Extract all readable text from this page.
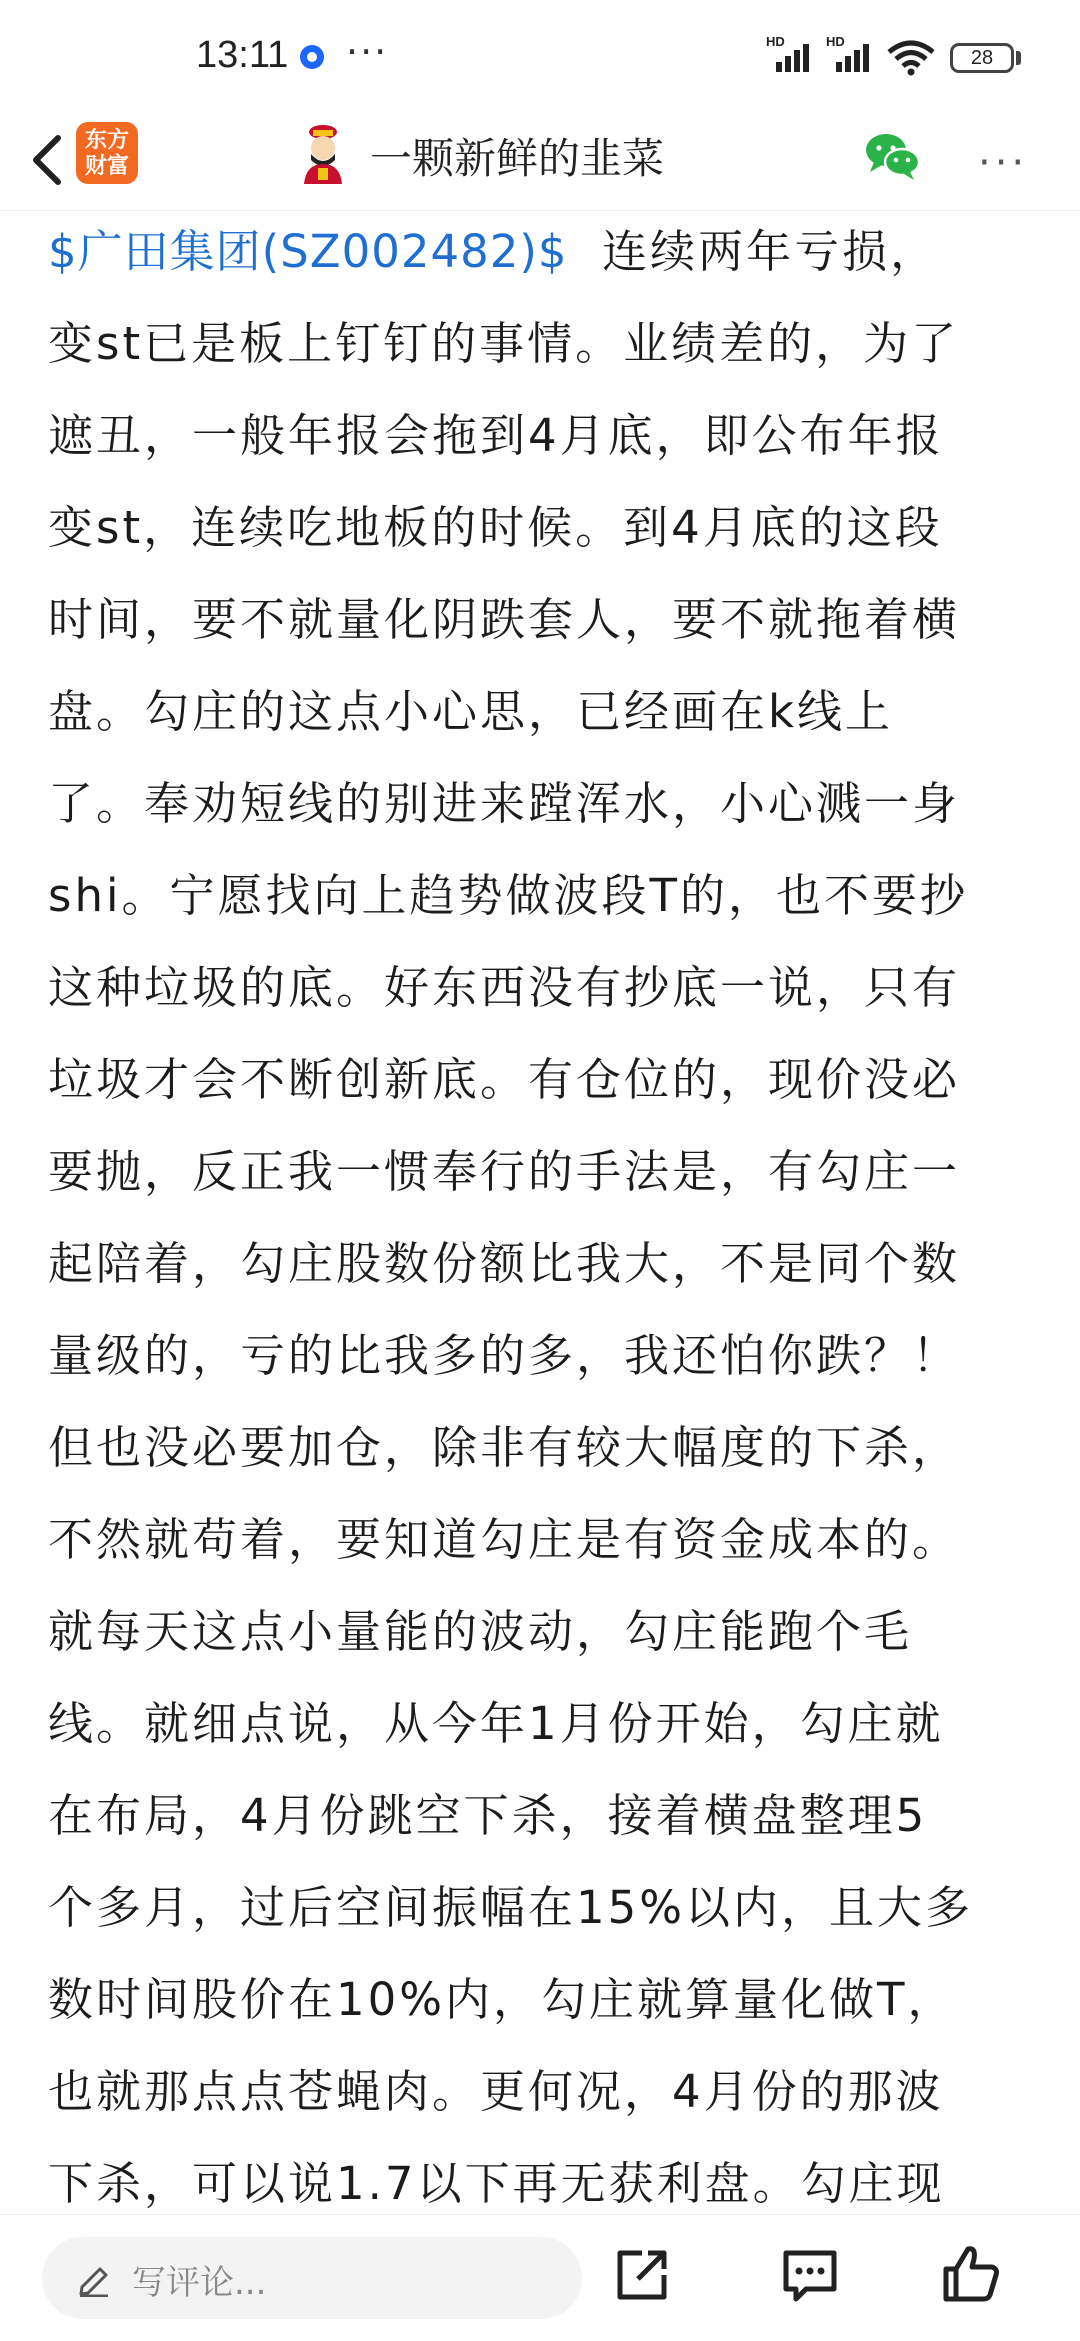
13:11 ···	HD	HD
28
东方
财富	一颗新鲜的韭菜	···
$广田集团(SZ002482)$ 连续两年亏损，
变st已是板上钉钉的事情。业绩差的，为了
遮丑，一般年报会拖到4月底，即公布年报
变st，连续吃地板的时候。到4月底的这段
时间，要不就量化阴跌套人，要不就拖着横
盘。勾庄的这点小心思，已经画在k线上
了。奉劝短线的别进来蹚浑水，小心溅一身
shi。宁愿找向上趋势做波段T的，也不要抄
这种垃圾的底。好东西没有抄底一说，只有
垃圾才会不断创新底。有仓位的，现价没必
要抛，反正我一惯奉行的手法是，有勾庄一
起陪着，勾庄股数份额比我大，不是同个数
量级的，亏的比我多的多，我还怕你跌？！
但也没必要加仓，除非有较大幅度的下杀，
不然就苟着，要知道勾庄是有资金成本的。
就每天这点小量能的波动，勾庄能跑个毛
线。就细点说，从今年1月份开始，勾庄就
在布局，4月份跳空下杀，接着横盘整理5
个多月，过后空间振幅在15%以内，且大多
数时间股价在10%内，勾庄就算量化做T，
也就那点点苍蝇肉。更何况，4月份的那波
下杀，可以说1.7以下再无获利盘。勾庄现
写评论...
